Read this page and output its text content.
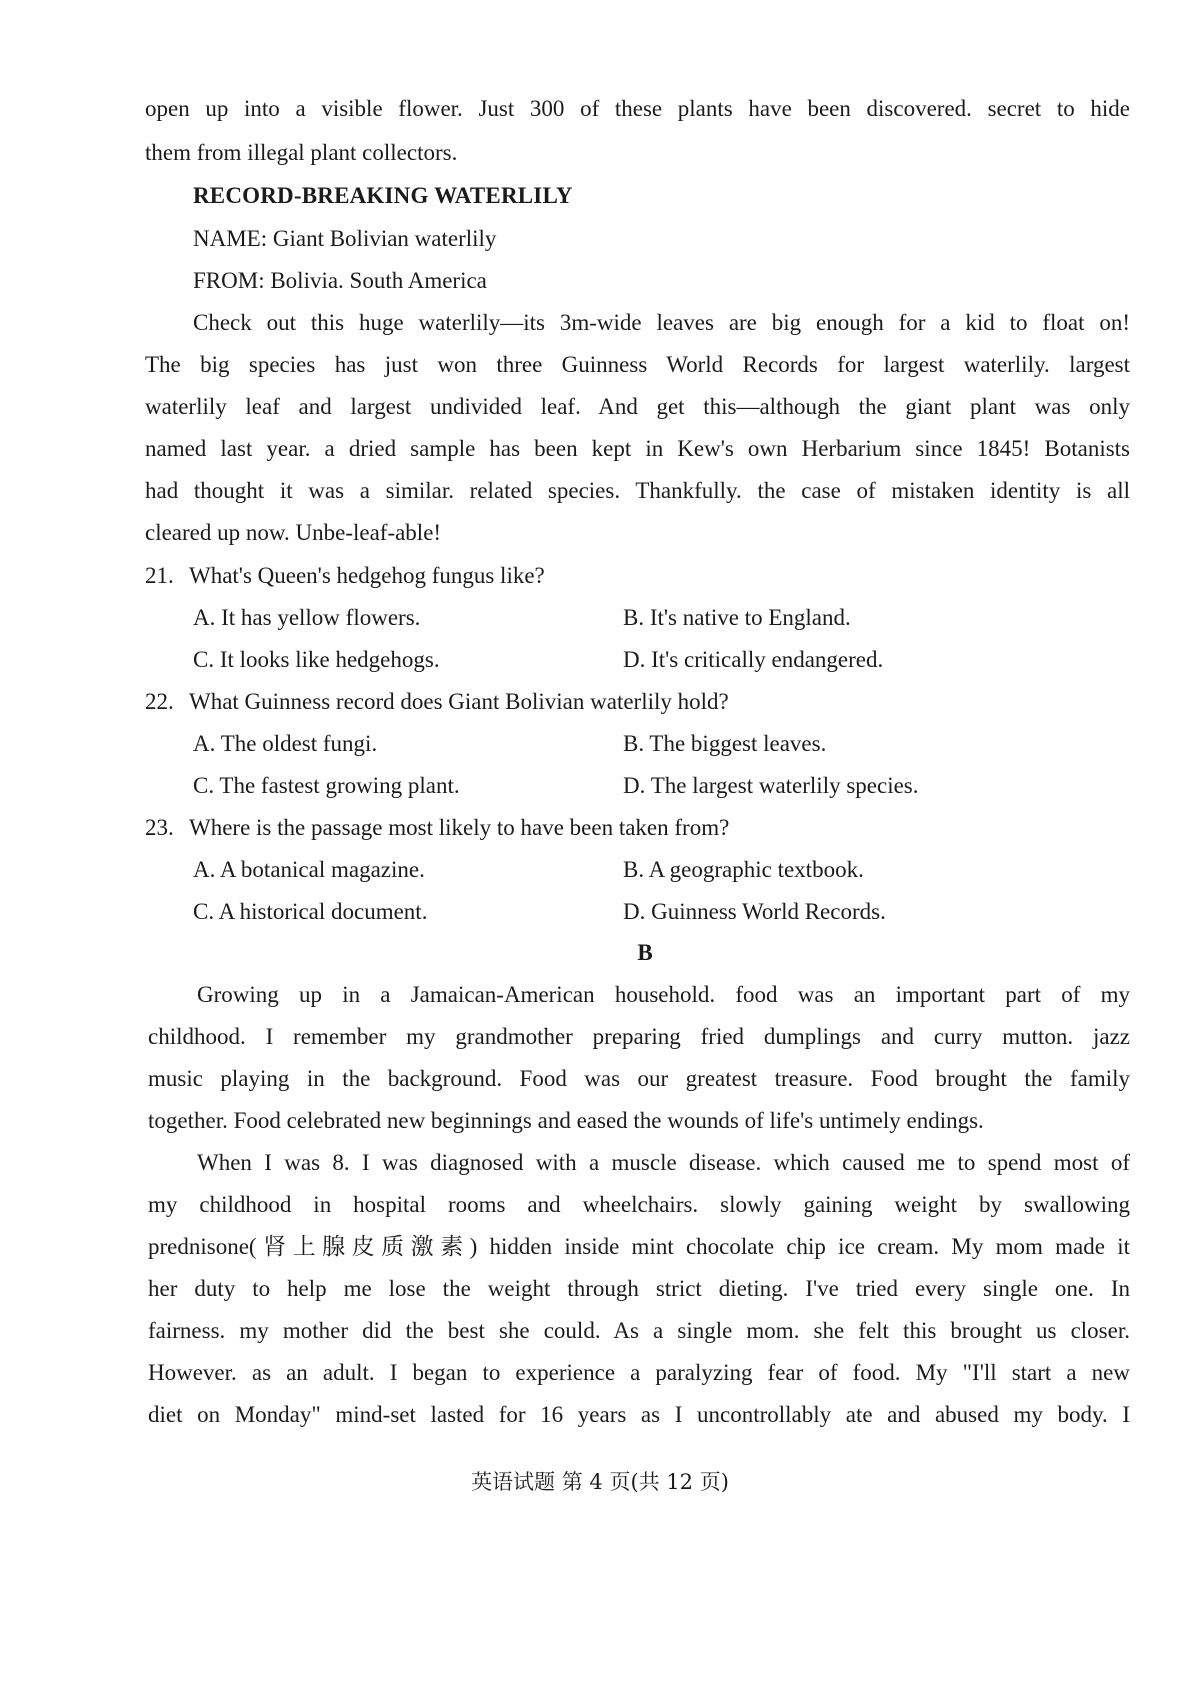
open up into a visible flower. Just 300 of these plants have been discovered. secret to hide
them from illegal plant collectors.
RECORD-BREAKING WATERLILY
NAME: Giant Bolivian waterlily
FROM: Bolivia. South America
Check out this huge waterlily—its 3m-wide leaves are big enough for a kid to float on!
The big species has just won three Guinness World Records for largest waterlily. largest
waterlily leaf and largest undivided leaf. And get this—although the giant plant was only
named last year. a dried sample has been kept in Kew's own Herbarium since 1845! Botanists
had thought it was a similar. related species. Thankfully. the case of mistaken identity is all
cleared up now. Unbe-leaf-able!
21. What's Queen's hedgehog fungus like?
A. It has yellow flowers.	B. It's native to England.
C. It looks like hedgehogs.	D. It's critically endangered.
22. What Guinness record does Giant Bolivian waterlily hold?
A. The oldest fungi.	B. The biggest leaves.
C. The fastest growing plant.	D. The largest waterlily species.
23. Where is the passage most likely to have been taken from?
A. A botanical magazine.	B. A geographic textbook.
C. A historical document.	D. Guinness World Records.
B
Growing up in a Jamaican-American household. food was an important part of my
childhood. I remember my grandmother preparing fried dumplings and curry mutton. jazz
music playing in the background. Food was our greatest treasure. Food brought the family
together. Food celebrated new beginnings and eased the wounds of life's untimely endings.
When I was 8. I was diagnosed with a muscle disease. which caused me to spend most of
my childhood in hospital rooms and wheelchairs. slowly gaining weight by swallowing
prednisone(肾上腺皮质激素) hidden inside mint chocolate chip ice cream. My mom made it
her duty to help me lose the weight through strict dieting. I've tried every single one. In
fairness. my mother did the best she could. As a single mom. she felt this brought us closer.
However. as an adult. I began to experience a paralyzing fear of food. My "I'll start a new
diet on Monday" mind-set lasted for 16 years as I uncontrollably ate and abused my body. I
英语试题 第 4 页(共 12 页)
